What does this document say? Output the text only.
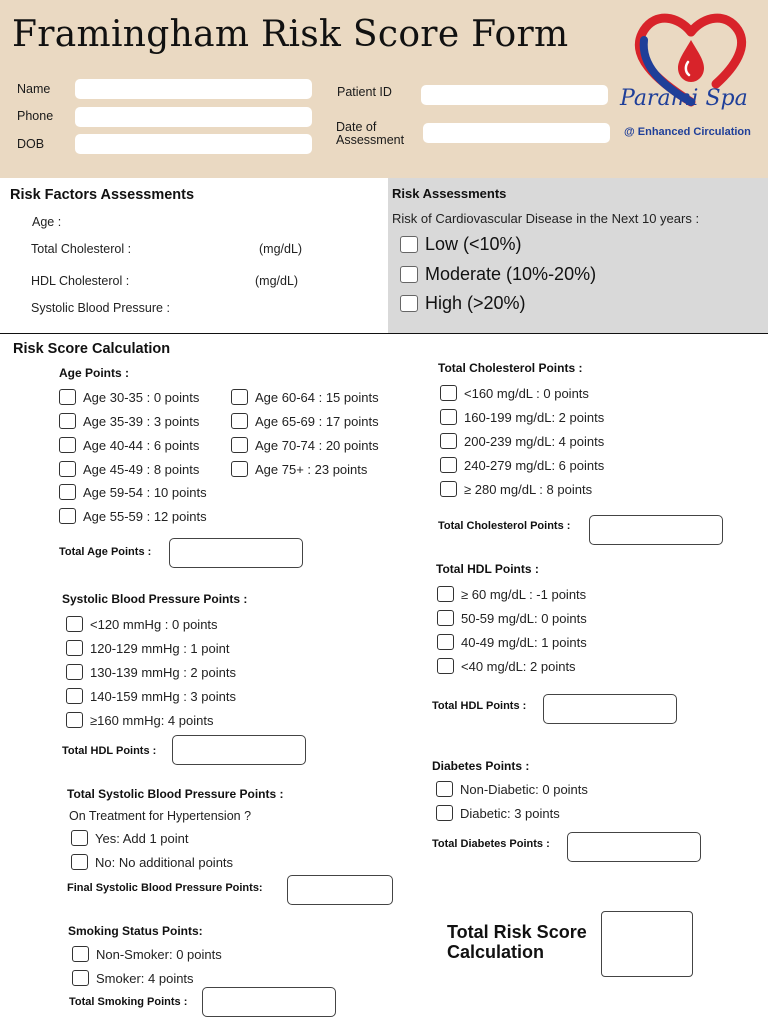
Framingham Risk Score Form
Name
Phone
DOB
Patient ID
Date of
Assessment
Parami Spa
@ Enhanced Circulation
Risk Factors Assessments
Age :
Total Cholesterol :	(mg/dL)
HDL Cholesterol :	(mg/dL)
Systolic Blood Pressure :
Risk Assessments
Risk of Cardiovascular Disease in the Next 10 years :
Low (<10%)
Moderate (10%-20%)
High (>20%)
Risk Score Calculation
Age Points :
Age 30-35 : 0 points
Age 35-39 : 3 points
Age 40-44 : 6 points
Age 45-49 : 8 points
Age 59-54 : 10 points
Age 55-59 : 12 points
Age 60-64 : 15 points
Age 65-69 : 17 points
Age 70-74 : 20 points
Age 75+ : 23 points
Total Age Points :
Systolic Blood Pressure Points :
<120 mmHg : 0 points
120-129 mmHg : 1 point
130-139 mmHg : 2 points
140-159 mmHg : 3 points
≥160 mmHg: 4 points
Total HDL Points :
Total Systolic Blood Pressure Points :
On Treatment for Hypertension ?
Yes: Add 1 point
No: No additional points
Final Systolic Blood Pressure Points:
Smoking Status Points:
Non-Smoker: 0 points
Smoker: 4 points
Total Smoking Points :
Total Cholesterol Points :
<160 mg/dL : 0 points
160-199 mg/dL: 2 points
200-239 mg/dL: 4 points
240-279 mg/dL: 6 points
≥ 280 mg/dL : 8 points
Total Cholesterol Points :
Total HDL Points :
≥ 60 mg/dL : -1 points
50-59 mg/dL: 0 points
40-49 mg/dL: 1 points
<40 mg/dL: 2 points
Total HDL Points :
Diabetes Points :
Non-Diabetic: 0 points
Diabetic: 3 points
Total Diabetes Points :
Total Risk Score
Calculation
